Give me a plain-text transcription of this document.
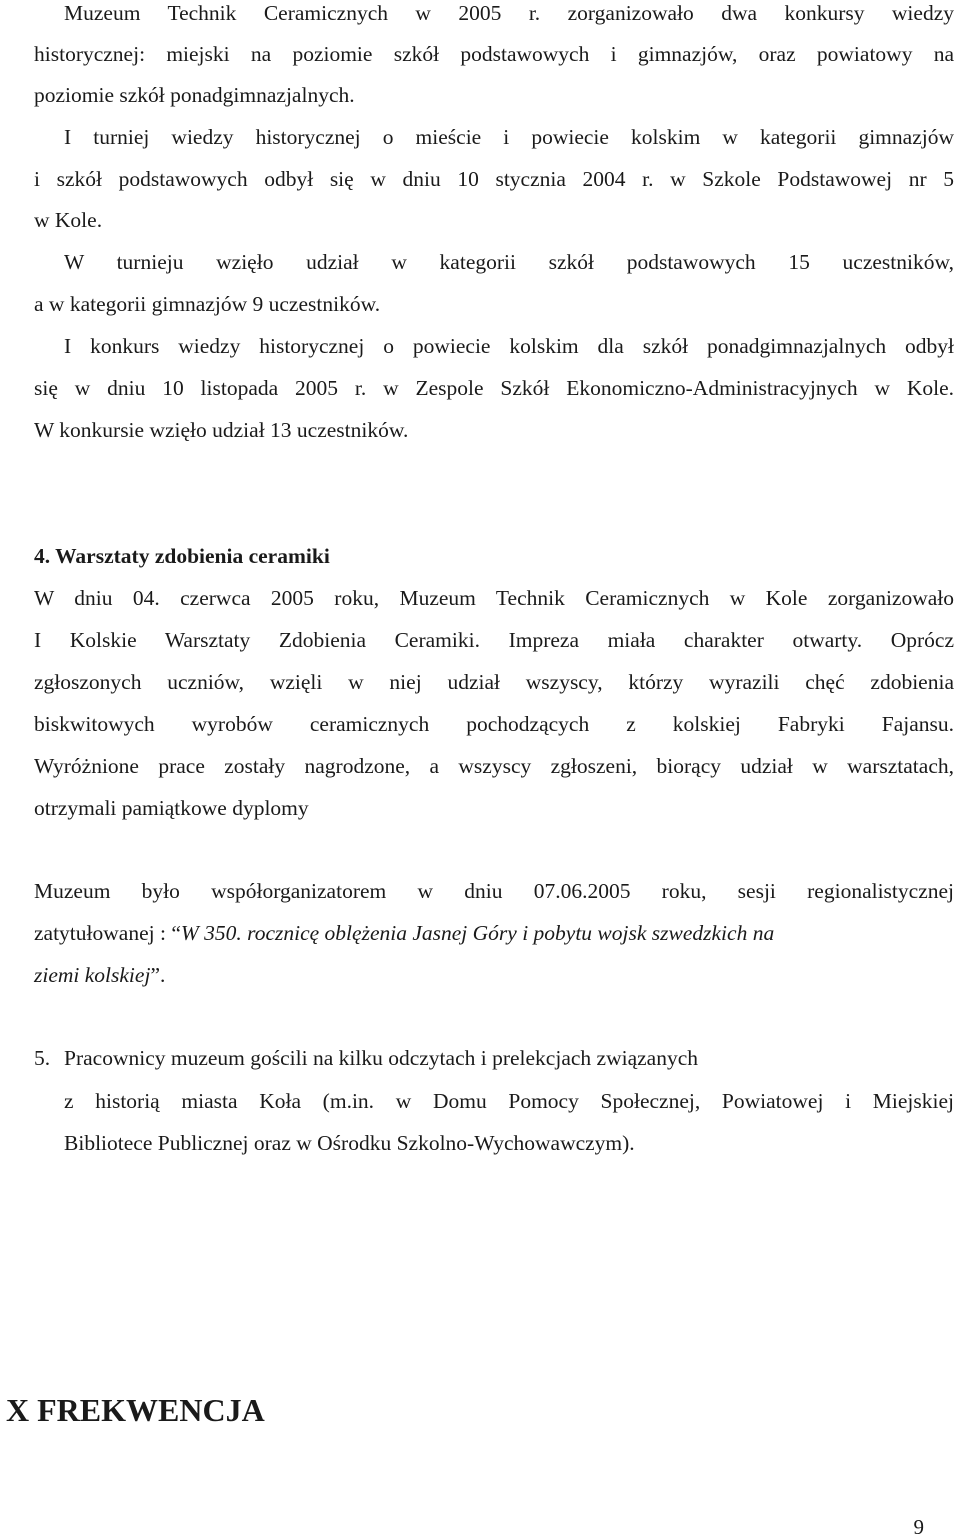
Muzeum Technik Ceramicznych w 2005 r. zorganizowało dwa konkursy wiedzy
historycznej: miejski na poziomie szkół podstawowych i gimnazjów, oraz powiatowy na
poziomie szkół ponadgimnazjalnych.
I turniej wiedzy historycznej o mieście i powiecie kolskim w kategorii gimnazjów
i szkół podstawowych odbył się w dniu 10 stycznia 2004 r. w Szkole Podstawowej nr 5
w Kole.
W turnieju wzięło udział w kategorii szkół podstawowych 15 uczestników,
a w kategorii gimnazjów 9 uczestników.
I konkurs wiedzy historycznej o powiecie kolskim dla szkół ponadgimnazjalnych odbył
się w dniu 10 listopada 2005 r. w Zespole Szkół Ekonomiczno-Administracyjnych w Kole.
W konkursie wzięło udział 13 uczestników.
4. Warsztaty zdobienia ceramiki
W dniu 04. czerwca 2005 roku, Muzeum Technik Ceramicznych w Kole zorganizowało
I Kolskie Warsztaty Zdobienia Ceramiki. Impreza miała charakter otwarty. Oprócz
zgłoszonych uczniów, wzięli w niej udział wszyscy, którzy wyrazili chęć zdobienia
biskwitowych wyrobów ceramicznych pochodzących z kolskiej Fabryki Fajansu.
Wyróżnione prace zostały nagrodzone, a wszyscy zgłoszeni, biorący udział w warsztatach,
otrzymali pamiątkowe dyplomy
Muzeum było współorganizatorem w dniu 07.06.2005 roku, sesji regionalistycznej
zatytułowanej : “W 350. rocznicę oblężenia Jasnej Góry i pobytu wojsk szwedzkich na
ziemi kolskiej”.
5. Pracownicy muzeum gościli na kilku odczytach i prelekcjach związanych
z historią miasta Koła (m.in. w Domu Pomocy Społecznej, Powiatowej i Miejskiej
Bibliotece Publicznej oraz w Ośrodku Szkolno-Wychowawczym).
X FREKWENCJA
9
